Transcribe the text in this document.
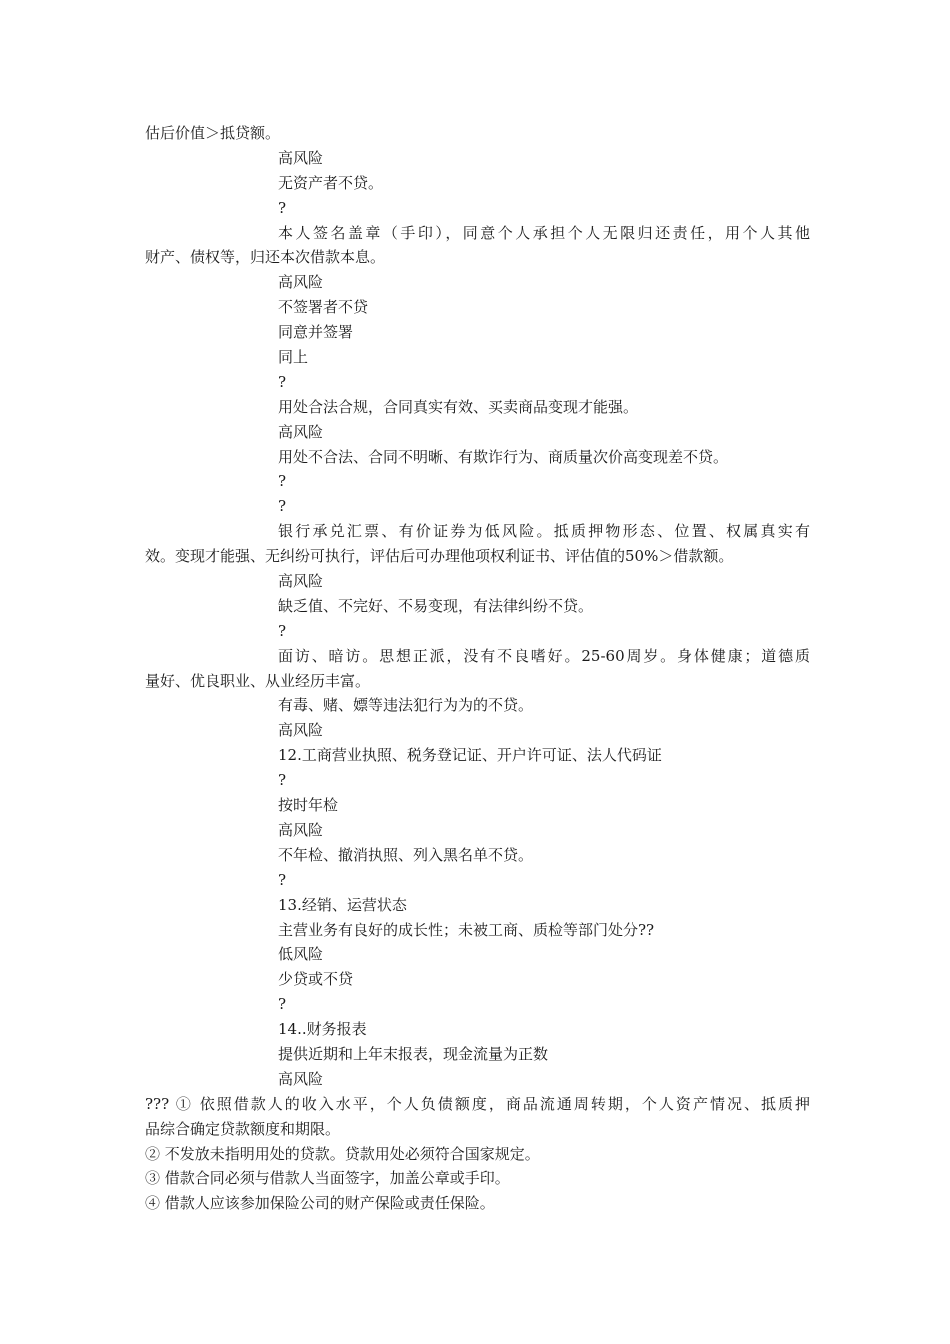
估后价值＞抵贷额。
高风险
无资产者不贷。
?
本人签名盖章（手印），同意个人承担个人无限归还责任，用个人其他
财产、债权等，归还本次借款本息。
高风险
不签署者不贷
同意并签署
同上
?
用处合法合规，合同真实有效、买卖商品变现才能强。
高风险
用处不合法、合同不明晰、有欺诈行为、商质量次价高变现差不贷。
?
?
银行承兑汇票、有价证券为低风险。抵质押物形态、位置、权属真实有
效。变现才能强、无纠纷可执行，评估后可办理他项权利证书、评估值的50%＞借款额。
高风险
缺乏值、不完好、不易变现，有法律纠纷不贷。
?
面访、暗访。思想正派，没有不良嗜好。25-60周岁。身体健康；道德质
量好、优良职业、从业经历丰富。
有毒、赌、嫖等违法犯行为为的不贷。
高风险
12.工商营业执照、税务登记证、开户许可证、法人代码证
?
按时年检
高风险
不年检、撤消执照、列入黑名单不贷。
?
13.经销、运营状态
主营业务有良好的成长性；未被工商、质检等部门处分??
低风险
少贷或不贷
?
14..财务报表
提供近期和上年末报表，现金流量为正数
高风险
??? ① 依照借款人的收入水平，个人负债额度，商品流通周转期，个人资产情况、抵质押
品综合确定贷款额度和期限。
② 不发放未指明用处的贷款。贷款用处必须符合国家规定。
③ 借款合同必须与借款人当面签字，加盖公章或手印。
④ 借款人应该参加保险公司的财产保险或责任保险。
